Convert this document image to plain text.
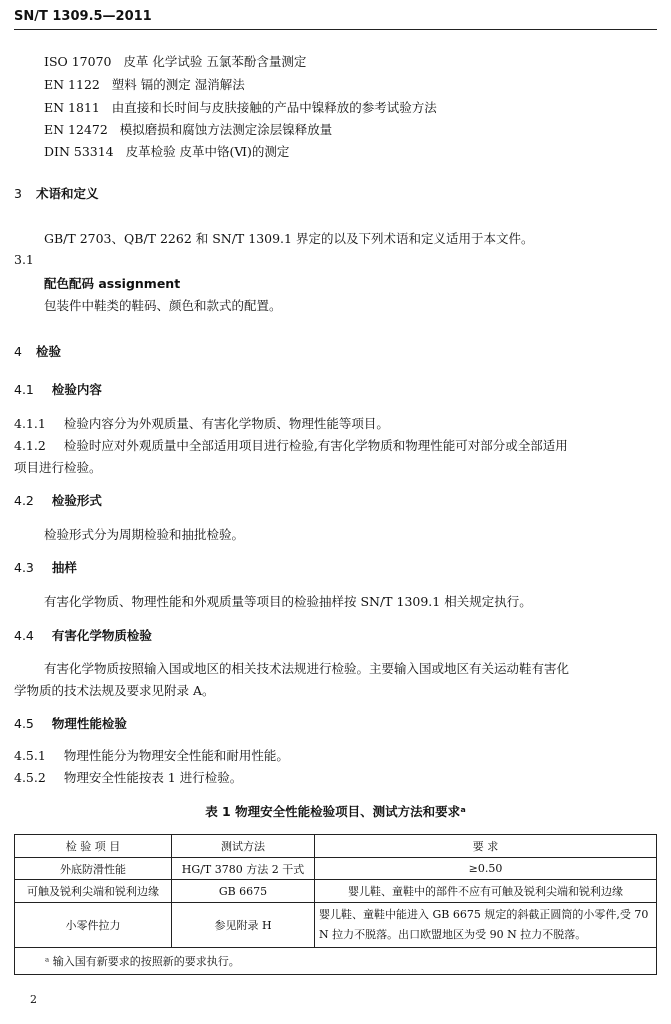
SN/T 1309.5—2011
ISO 17070 皮革 化学试验 五氯苯酚含量测定
EN 1122 塑料 镉的测定 湿消解法
EN 1811 由直接和长时间与皮肤接触的产品中镍释放的参考试验方法
EN 12472 模拟磨损和腐蚀方法测定涂层镍释放量
DIN 53314 皮革检验 皮革中铬(Ⅵ)的测定
3 术语和定义
GB/T 2703、QB/T 2262 和 SN/T 1309.1 界定的以及下列术语和定义适用于本文件。
3.1
配色配码 assignment
包装件中鞋类的鞋码、颜色和款式的配置。
4 检验
4.1 检验内容
4.1.1 检验内容分为外观质量、有害化学物质、物理性能等项目。
4.1.2 检验时应对外观质量中全部适用项目进行检验,有害化学物质和物理性能可对部分或全部适用
项目进行检验。
4.2 检验形式
检验形式分为周期检验和抽批检验。
4.3 抽样
有害化学物质、物理性能和外观质量等项目的检验抽样按 SN/T 1309.1 相关规定执行。
4.4 有害化学物质检验
有害化学物质按照输入国或地区的相关技术法规进行检验。主要输入国或地区有关运动鞋有害化
学物质的技术法规及要求见附录 A。
4.5 物理性能检验
4.5.1 物理性能分为物理安全性能和耐用性能。
4.5.2 物理安全性能按表 1 进行检验。
表 1 物理安全性能检验项目、测试方法和要求ᵃ
检 验 项 目	测试方法	要 求
外底防滑性能	HG/T 3780 方法 2 干式	≥0.50
可触及锐利尖端和锐利边缘	GB 6675	婴儿鞋、童鞋中的部件不应有可触及锐利尖端和锐利边缘
小零件拉力	参见附录 H	婴儿鞋、童鞋中能进入 GB 6675 规定的斜截正圆筒的小零件,受 70 N 拉力不脱落。出口欧盟地区为受 90 N 拉力不脱落。
ᵃ 输入国有新要求的按照新的要求执行。		
2
